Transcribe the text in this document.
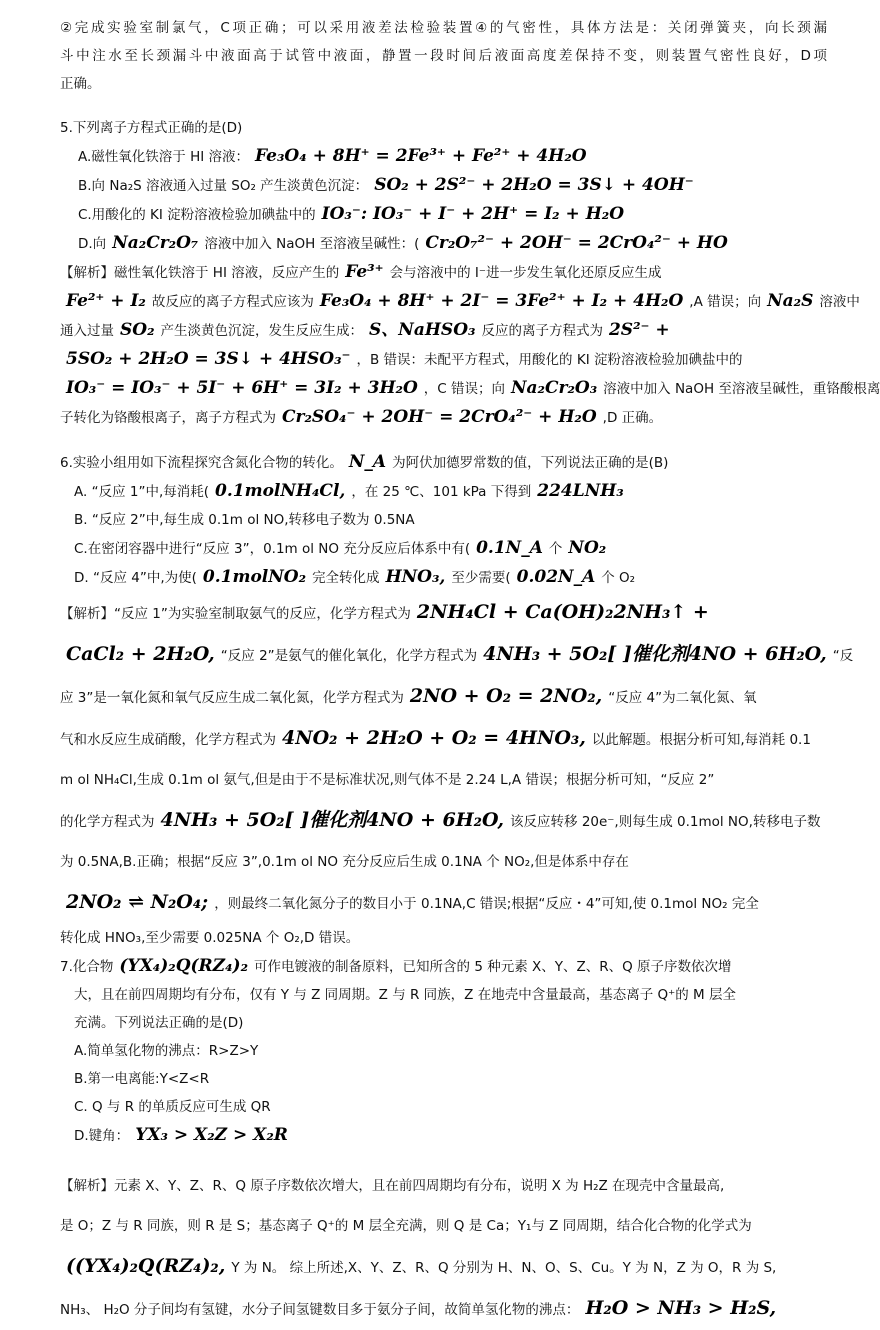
②完成实验室制氯气，C项正确；可以采用液差法检验装置④的气密性，具体方法是：关闭弹簧夹，向长颈漏
斗中注水至长颈漏斗中液面高于试管中液面，静置一段时间后液面高度差保持不变，则装置气密性良好，D项
正确。
5.下列离子方程式正确的是(D)
A.磁性氧化铁溶于 HI 溶液： Fe₃O₄ + 8H⁺ = 2Fe³⁺ + Fe²⁺ + 4H₂O
B.向 Na₂S 溶液通入过量 SO₂ 产生淡黄色沉淀： SO₂ + 2S²⁻ + 2H₂O = 3S↓ + 4OH⁻
C.用酸化的 KI 淀粉溶液检验加碘盐中的 IO₃⁻: IO₃⁻ + I⁻ + 2H⁺ = I₂ + H₂O
D.向 Na₂Cr₂O₇ 溶液中加入 NaOH 至溶液呈碱性：( Cr₂O₇²⁻ + 2OH⁻ = 2CrO₄²⁻ + HO
【解析】磁性氧化铁溶于 HI 溶液，反应产生的 Fe³⁺ 会与溶液中的 I⁻进一步发生氧化还原反应生成
Fe²⁺ + I₂ 故反应的离子方程式应该为 Fe₃O₄ + 8H⁺ + 2I⁻ = 3Fe²⁺ + I₂ + 4H₂O ,A 错误；向 Na₂S 溶液中
通入过量 SO₂ 产生淡黄色沉淀，发生反应生成： S、NaHSO₃ 反应的离子方程式为 2S²⁻ +
5SO₂ + 2H₂O = 3S↓ + 4HSO₃⁻ ，B 错误：未配平方程式，用酸化的 KI 淀粉溶液检验加碘盐中的
IO₃⁻ = IO₃⁻ + 5I⁻ + 6H⁺ = 3I₂ + 3H₂O ，C 错误；向 Na₂Cr₂O₃ 溶液中加入 NaOH 至溶液呈碱性，重铬酸根离
子转化为铬酸根离子，离子方程式为 Cr₂SO₄⁻ + 2OH⁻ = 2CrO₄²⁻ + H₂O ,D 正确。
6.实验小组用如下流程探究含氮化合物的转化。 N_A 为阿伏加德罗常数的值，下列说法正确的是(B)
A. “反应 1”中,每消耗( 0.1molNH₄Cl, ，在 25 ℃、101 kPa 下得到 224LNH₃
B. “反应 2”中,每生成 0.1m ol NO,转移电子数为 0.5NA
C.在密闭容器中进行“反应 3”，0.1m ol NO 充分反应后体系中有( 0.1N_A 个 NO₂
D. “反应 4”中,为使( 0.1molNO₂ 完全转化成 HNO₃, 至少需要( 0.02N_A 个 O₂
【解析】“反应 1”为实验室制取氨气的反应，化学方程式为 2NH₄Cl + Ca(OH)₂2NH₃↑ +
CaCl₂ + 2H₂O, “反应 2”是氨气的催化氧化，化学方程式为 4NH₃ + 5O₂[ ]催化剂4NO + 6H₂O, “反
应 3”是一氧化氮和氧气反应生成二氧化氮，化学方程式为 2NO + O₂ = 2NO₂, “反应 4”为二氧化氮、氧
气和水反应生成硝酸，化学方程式为 4NO₂ + 2H₂O + O₂ = 4HNO₃, 以此解题。根据分析可知,每消耗 0.1
m ol NH₄Cl,生成 0.1m ol 氨气,但是由于不是标准状况,则气体不是 2.24 L,A 错误；根据分析可知，“反应 2”
的化学方程式为 4NH₃ + 5O₂[ ]催化剂4NO + 6H₂O, 该反应转移 20e⁻,则每生成 0.1mol NO,转移电子数
为 0.5NA,B.正确；根据“反应 3”,0.1m ol NO 充分反应后生成 0.1NA 个 NO₂,但是体系中存在
2NO₂ ⇌ N₂O₄; ，则最终二氧化氮分子的数目小于 0.1NA,C 错误;根据“反应・4”可知,使 0.1mol NO₂ 完全
转化成 HNO₃,至少需要 0.025NA 个 O₂,D 错误。
7.化合物 (YX₄)₂Q(RZ₄)₂ 可作电镀液的制备原料，已知所含的 5 种元素 X、Y、Z、R、Q 原子序数依次增
大，且在前四周期均有分布，仅有 Y 与 Z 同周期。Z 与 R 同族，Z 在地壳中含量最高，基态离子 Q⁺的 M 层全
充满。下列说法正确的是(D)
A.简单氢化物的沸点：R>Z>Y
B.第一电离能:Y<Z<R
C. Q 与 R 的单质反应可生成 QR
D.键角： YX₃ > X₂Z > X₂R
【解析】元素 X、Y、Z、R、Q 原子序数依次增大，且在前四周期均有分布，说明 X 为 H₂Z 在现壳中含量最高,
是 O；Z 与 R 同族，则 R 是 S；基态离子 Q⁺的 M 层全充满，则 Q 是 Ca；Y₁与 Z 同周期，结合化合物的化学式为
((YX₄)₂Q(RZ₄)₂, Y 为 N。 综上所述,X、Y、Z、R、Q 分别为 H、N、O、S、Cu。Y 为 N，Z 为 O，R 为 S,
NH₃、 H₂O 分子间均有氢键，水分子间氢键数目多于氨分子间，故简单氢化物的沸点： H₂O > NH₃ > H₂S,
